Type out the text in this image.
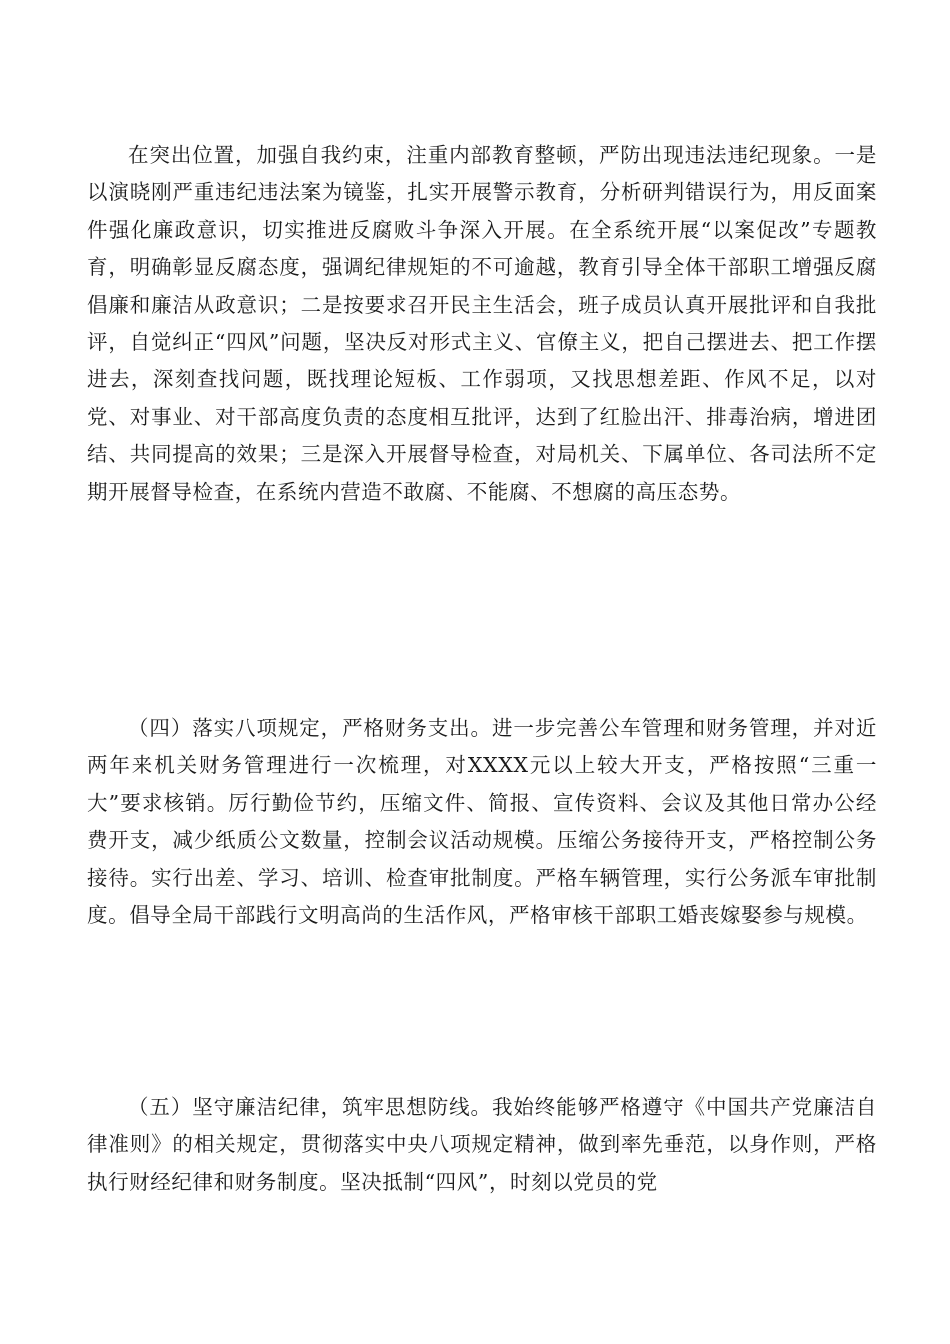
在突出位置，加强自我约束，注重内部教育整顿，严防出现违法违纪现象。一是以演晓刚严重违纪违法案为镜鉴，扎实开展警示教育，分析研判错误行为，用反面案件强化廉政意识，切实推进反腐败斗争深入开展。在全系统开展“以案促改”专题教育，明确彰显反腐态度，强调纪律规矩的不可逾越，教育引导全体干部职工增强反腐倡廉和廉洁从政意识；二是按要求召开民主生活会，班子成员认真开展批评和自我批评，自觉纠正“四风”问题，坚决反对形式主义、官僚主义，把自己摆进去、把工作摆进去，深刻查找问题，既找理论短板、工作弱项，又找思想差距、作风不足，以对党、对事业、对干部高度负责的态度相互批评，达到了红脸出汗、排毒治病，增进团结、共同提高的效果；三是深入开展督导检查，对局机关、下属单位、各司法所不定期开展督导检查，在系统内营造不敢腐、不能腐、不想腐的高压态势。

（四）落实八项规定，严格财务支出。进一步完善公车管理和财务管理，并对近两年来机关财务管理进行一次梳理，对XXXX元以上较大开支，严格按照“三重一大”要求核销。厉行勤俭节约，压缩文件、简报、宣传资料、会议及其他日常办公经费开支，减少纸质公文数量，控制会议活动规模。压缩公务接待开支，严格控制公务接待。实行出差、学习、培训、检查审批制度。严格车辆管理，实行公务派车审批制度。倡导全局干部践行文明高尚的生活作风，严格审核干部职工婚丧嫁娶参与规模。

（五）坚守廉洁纪律，筑牢思想防线。我始终能够严格遵守《中国共产党廉洁自律准则》的相关规定，贯彻落实中央八项规定精神，做到率先垂范，以身作则，严格执行财经纪律和财务制度。坚决抵制“四风”，时刻以党员的党
